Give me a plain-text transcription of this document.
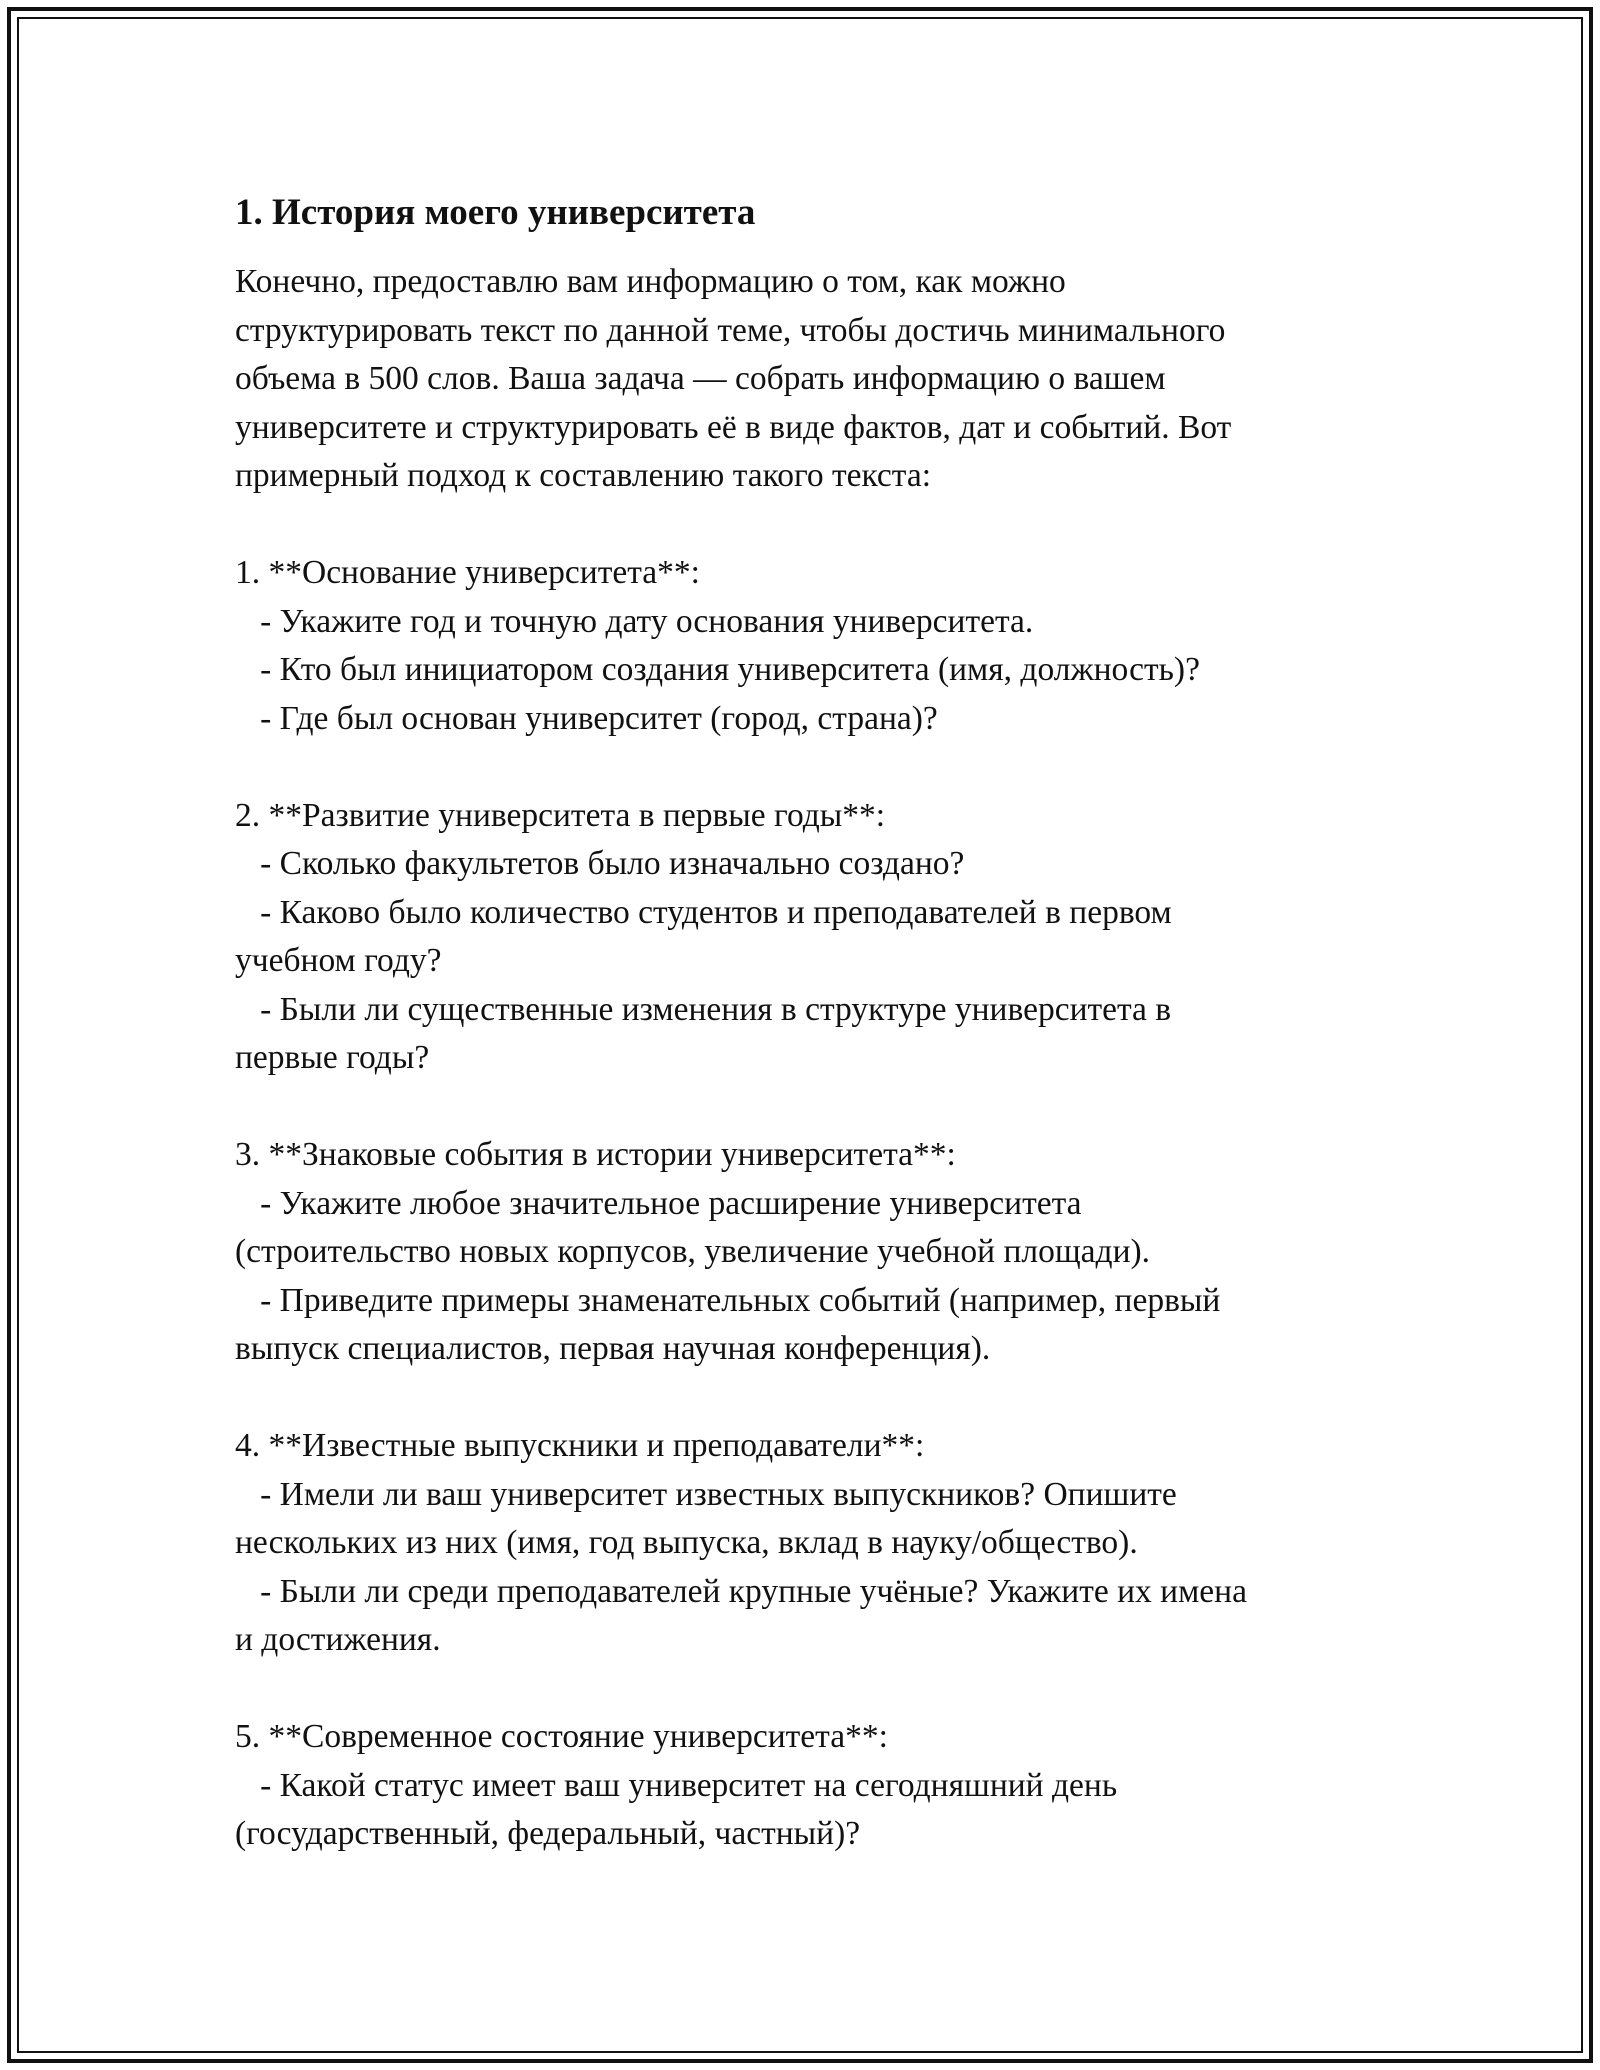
1. История моего университета

Конечно, предоставлю вам информацию о том, как можно

структурировать текст по данной теме, чтобы достичь минимального

объема в 500 слов. Ваша задача — собрать информацию о вашем

университете и структурировать её в виде фактов, дат и событий. Вот

примерный подход к составлению такого текста:

1. **Основание университета**:

- Укажите год и точную дату основания университета.

- Кто был инициатором создания университета (имя, должность)?

- Где был основан университет (город, страна)?

2. **Развитие университета в первые годы**:

- Сколько факультетов было изначально создано?

- Каково было количество студентов и преподавателей в первом

учебном году?

- Были ли существенные изменения в структуре университета в

первые годы?

3. **Знаковые события в истории университета**:

- Укажите любое значительное расширение университета

(строительство новых корпусов, увеличение учебной площади).

- Приведите примеры знаменательных событий (например, первый

выпуск специалистов, первая научная конференция).

4. **Известные выпускники и преподаватели**:

- Имели ли ваш университет известных выпускников? Опишите

нескольких из них (имя, год выпуска, вклад в науку/общество).

- Были ли среди преподавателей крупные учёные? Укажите их имена

и достижения.

5. **Современное состояние университета**:

- Какой статус имеет ваш университет на сегодняшний день

(государственный, федеральный, частный)?
